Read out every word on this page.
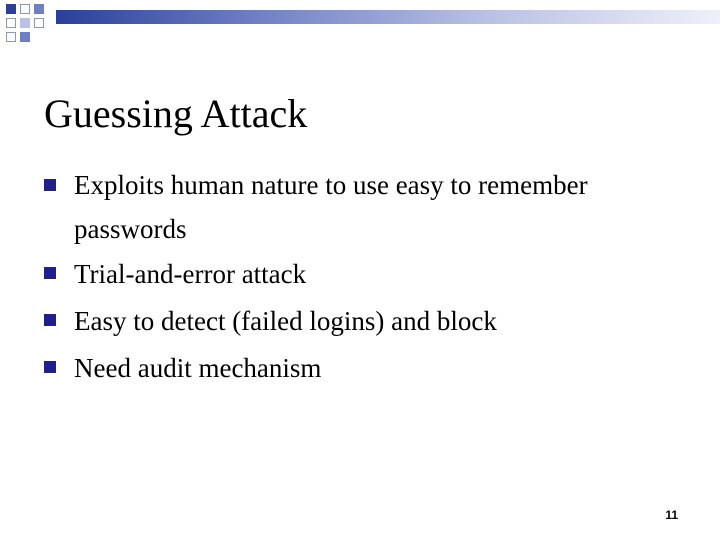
Guessing Attack
Exploits human nature to use easy to remember passwords
Trial-and-error attack
Easy to detect (failed logins) and block
Need audit mechanism
11
